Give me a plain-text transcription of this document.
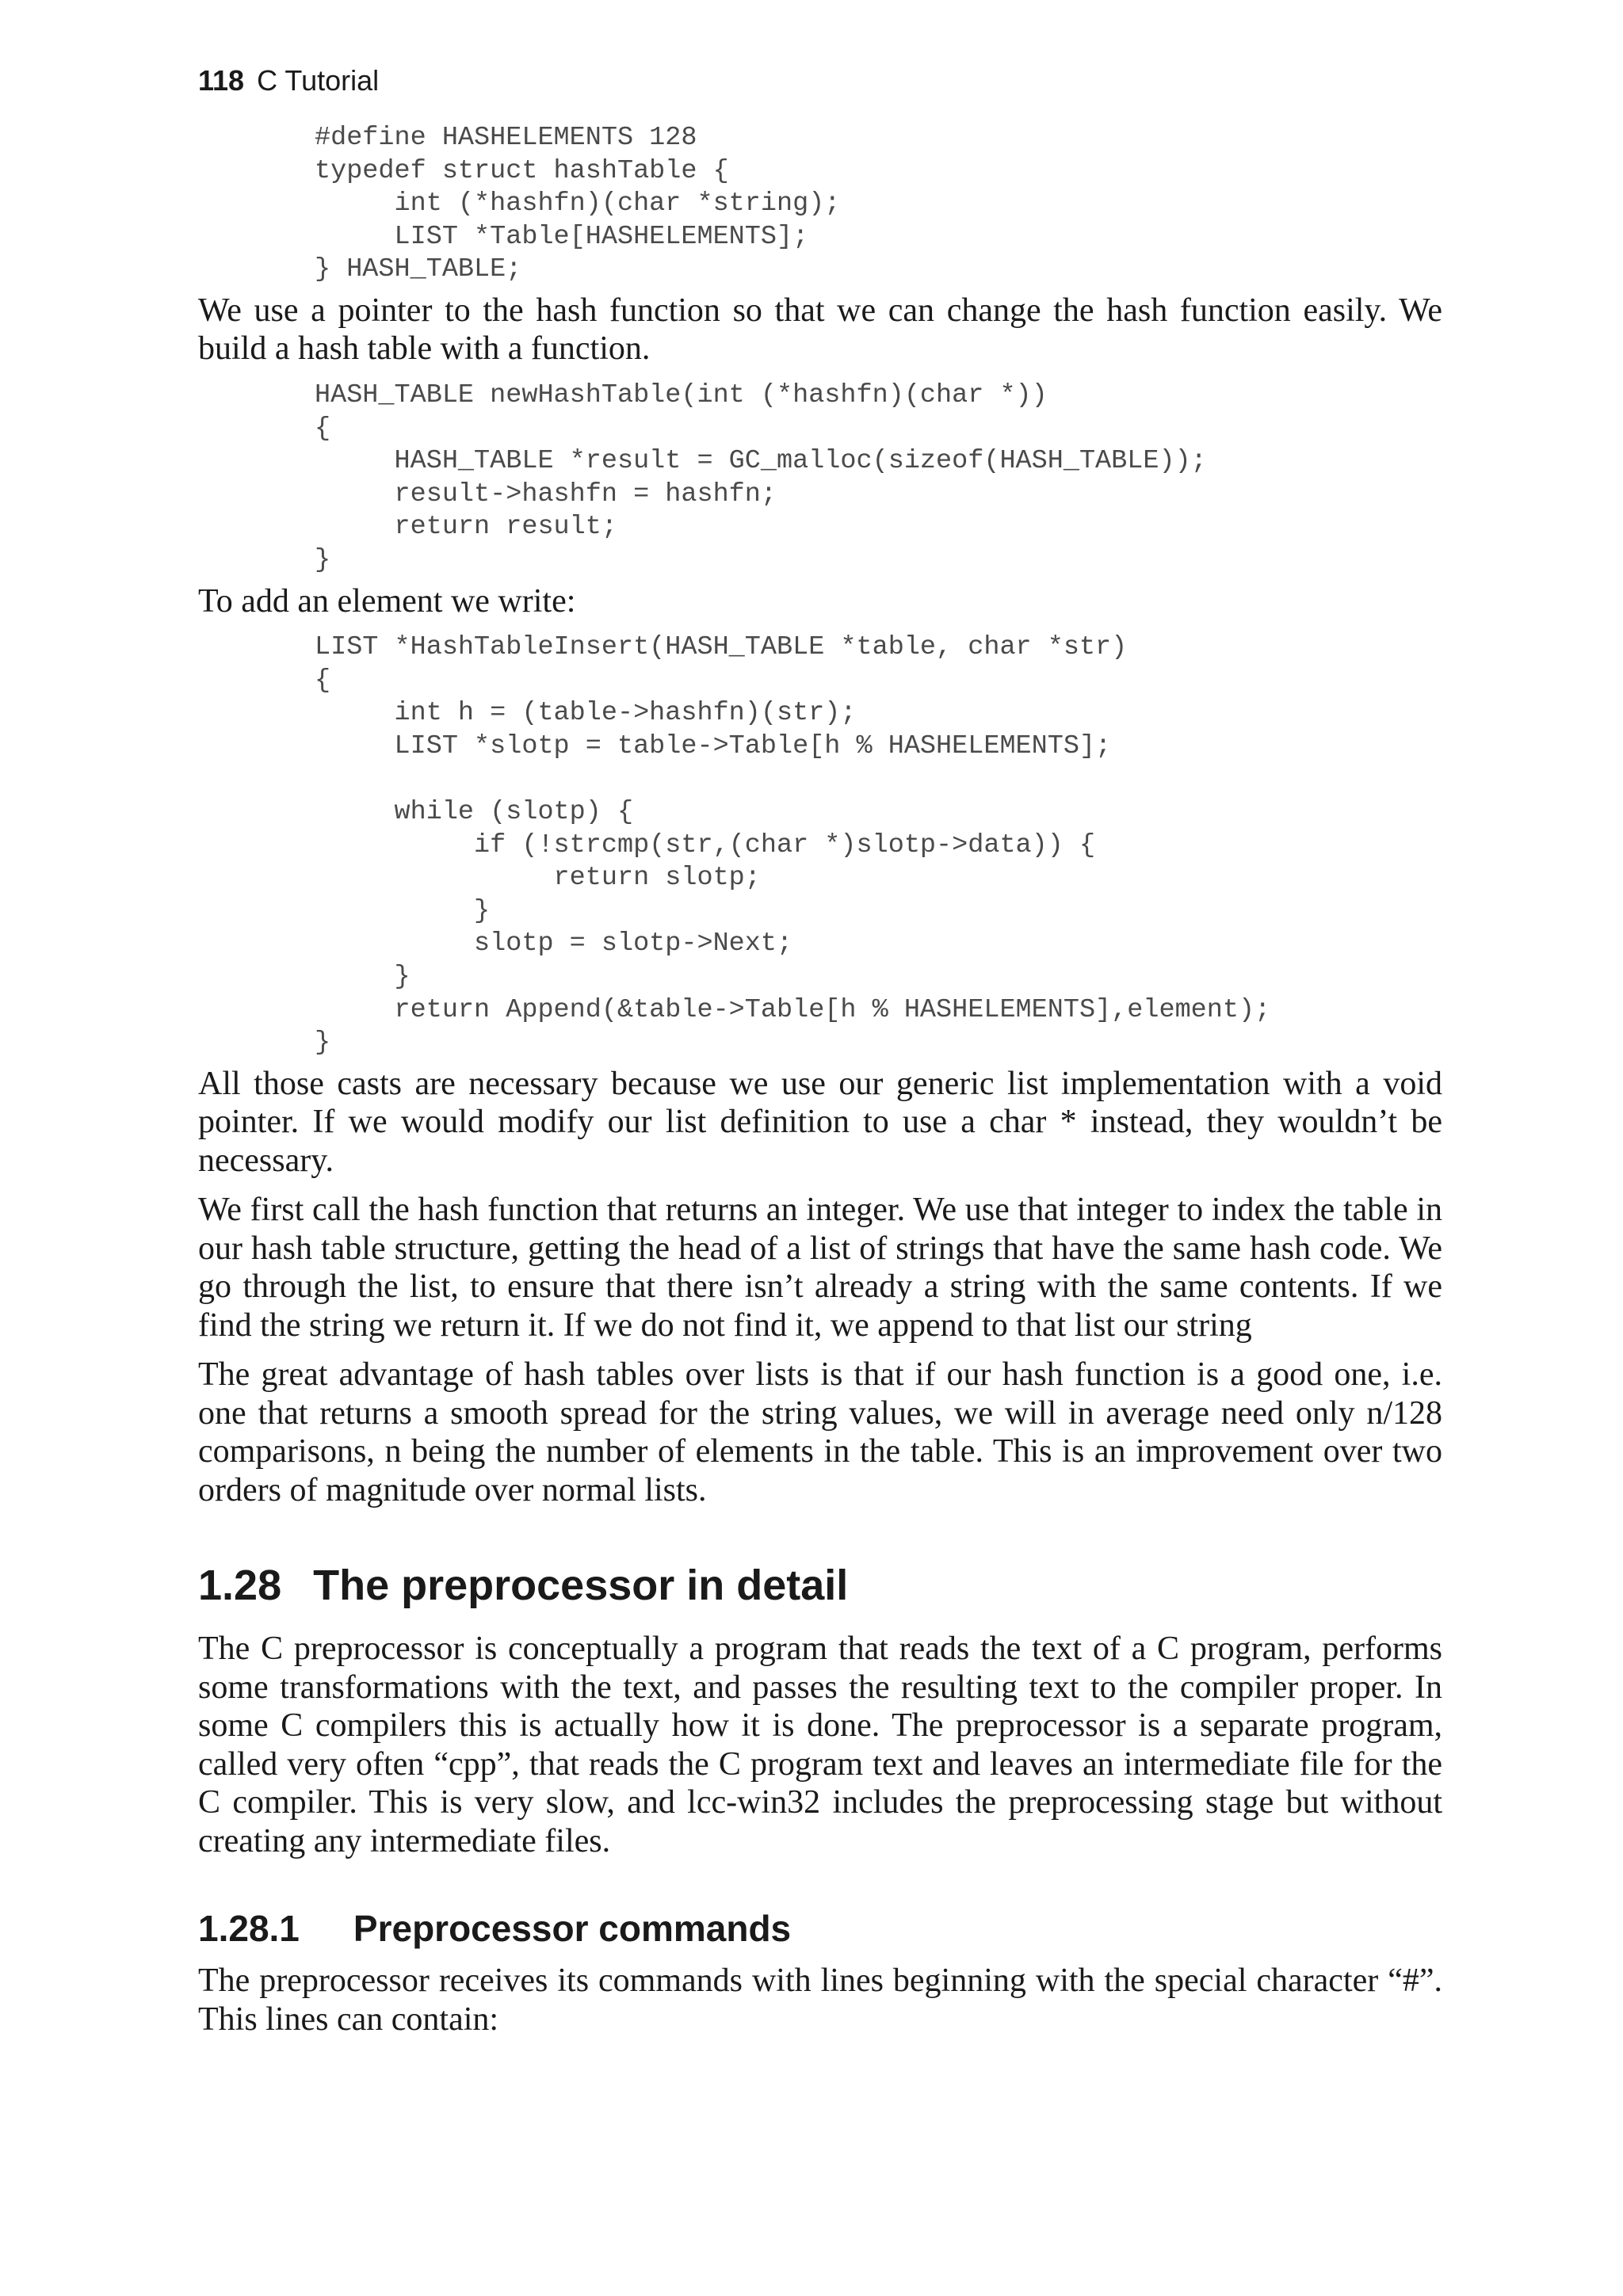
118 C Tutorial
#define HASHELEMENTS 128
typedef struct hashTable {
int (*hashfn)(char *string);
LIST *Table[HASHELEMENTS];
} HASH_TABLE;

We use a pointer to the hash function so that we can change the hash function easily. We build a hash table with a function.

HASH_TABLE newHashTable(int (*hashfn)(char *))
{
HASH_TABLE *result = GC_malloc(sizeof(HASH_TABLE));
result->hashfn = hashfn;
return result;
}

To add an element we write:

LIST *HashTableInsert(HASH_TABLE *table, char *str)
{
int h = (table->hashfn)(str);
LIST *slotp = table->Table[h % HASHELEMENTS];

while (slotp) {
if (!strcmp(str,(char *)slotp->data)) {
return slotp;
}
slotp = slotp->Next;
}
return Append(&table->Table[h % HASHELEMENTS],element);
}

All those casts are necessary because we use our generic list implementation with a void pointer. If we would modify our list definition to use a char * instead, they wouldn’t be necessary.

We first call the hash function that returns an integer. We use that integer to index the table in our hash table structure, getting the head of a list of strings that have the same hash code. We go through the list, to ensure that there isn’t already a string with the same contents. If we find the string we return it. If we do not find it, we append to that list our string

The great advantage of hash tables over lists is that if our hash function is a good one, i.e. one that returns a smooth spread for the string values, we will in average need only n/128 comparisons, n being the number of elements in the table. This is an improvement over two orders of magnitude over normal lists.

1.28 The preprocessor in detail

The C preprocessor is conceptually a program that reads the text of a C program, performs some transformations with the text, and passes the resulting text to the compiler proper. In some C compilers this is actually how it is done. The preprocessor is a separate program, called very often “cpp”, that reads the C program text and leaves an intermediate file for the C compiler. This is very slow, and lcc-win32 includes the preprocessing stage but without creating any intermediate files.

1.28.1 Preprocessor commands

The preprocessor receives its commands with lines beginning with the special character “#”. This lines can contain:
